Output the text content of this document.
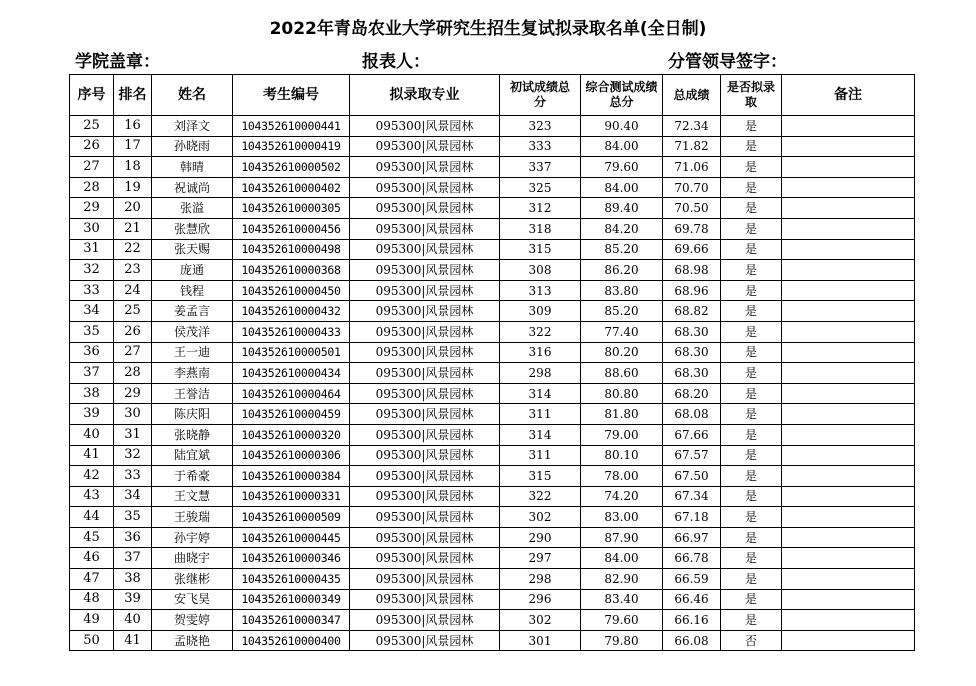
2022年青岛农业大学研究生招生复试拟录取名单(全日制)
学院盖章：	报表人：	分管领导签字：
序号	排名	姓名	考生编号	拟录取专业	初试成绩总分	综合测试成绩总分	总成绩	是否拟录取	备注
25	16	刘泽文	104352610000441	095300|风景园林	323	90.40	72.34	是	
26	17	孙晓雨	104352610000419	095300|风景园林	333	84.00	71.82	是	
27	18	韩晴	104352610000502	095300|风景园林	337	79.60	71.06	是	
28	19	祝诚尚	104352610000402	095300|风景园林	325	84.00	70.70	是	
29	20	张溢	104352610000305	095300|风景园林	312	89.40	70.50	是	
30	21	张慧欣	104352610000456	095300|风景园林	318	84.20	69.78	是	
31	22	张天赐	104352610000498	095300|风景园林	315	85.20	69.66	是	
32	23	庞通	104352610000368	095300|风景园林	308	86.20	68.98	是	
33	24	钱程	104352610000450	095300|风景园林	313	83.80	68.96	是	
34	25	姜孟言	104352610000432	095300|风景园林	309	85.20	68.82	是	
35	26	侯茂洋	104352610000433	095300|风景园林	322	77.40	68.30	是	
36	27	王一迪	104352610000501	095300|风景园林	316	80.20	68.30	是	
37	28	李燕南	104352610000434	095300|风景园林	298	88.60	68.30	是	
38	29	王誉洁	104352610000464	095300|风景园林	314	80.80	68.20	是	
39	30	陈庆阳	104352610000459	095300|风景园林	311	81.80	68.08	是	
40	31	张晓静	104352610000320	095300|风景园林	314	79.00	67.66	是	
41	32	陆宜斌	104352610000306	095300|风景园林	311	80.10	67.57	是	
42	33	于希豪	104352610000384	095300|风景园林	315	78.00	67.50	是	
43	34	王文慧	104352610000331	095300|风景园林	322	74.20	67.34	是	
44	35	王骏瑞	104352610000509	095300|风景园林	302	83.00	67.18	是	
45	36	孙宇婷	104352610000445	095300|风景园林	290	87.90	66.97	是	
46	37	曲晓宇	104352610000346	095300|风景园林	297	84.00	66.78	是	
47	38	张继彬	104352610000435	095300|风景园林	298	82.90	66.59	是	
48	39	安飞昊	104352610000349	095300|风景园林	296	83.40	66.46	是	
49	40	贺雯婷	104352610000347	095300|风景园林	302	79.60	66.16	是	
50	41	孟晓艳	104352610000400	095300|风景园林	301	79.80	66.08	否	
